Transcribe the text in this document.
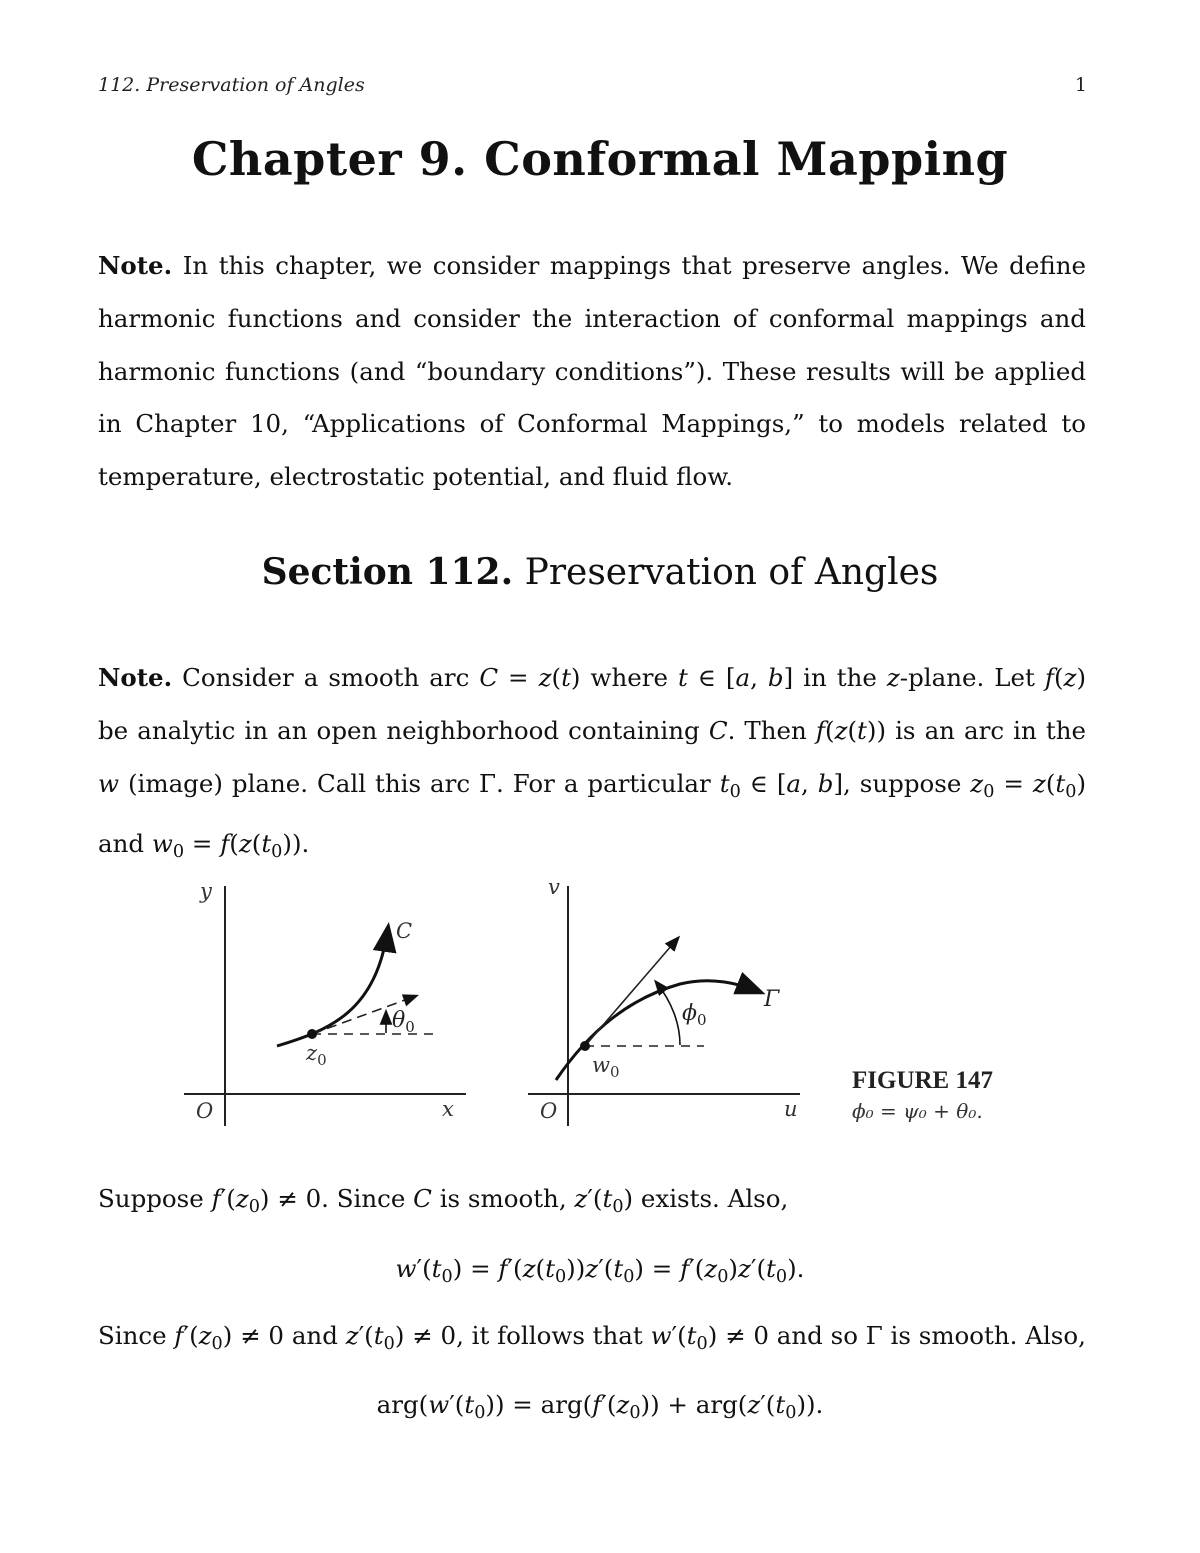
112. Preservation of Angles	1
Chapter 9. Conformal Mapping

Note. In this chapter, we consider mappings that preserve angles. We define harmonic functions and consider the interaction of conformal mappings and harmonic functions (and “boundary conditions”). These results will be applied in Chapter 10, “Applications of Conformal Mappings,” to models related to temperature, electrostatic potential, and fluid flow.

Section 112. Preservation of Angles

Note. Consider a smooth arc C = z(t) where t ∈ [a, b] in the z-plane. Let f(z) be analytic in an open neighborhood containing C. Then f(z(t)) is an arc in the w (image) plane. Call this arc Γ. For a particular $t_0$ ∈ [a, b], suppose $z_0 = z(t_0)$ and $w_0 = f(z(t_0))$.

y
x
O
C
$\theta_0$
$z_0$
v
u
O
Γ
$\phi_0$
$w_0$	FIGURE 147
ϕ₀ = ψ₀ + θ₀.

Suppose $f'(z_0) \ne 0$. Since C is smooth, $z'(t_0)$ exists. Also,

$w'(t_0) = f'(z(t_0))z'(t_0) = f'(z_0)z'(t_0)$.

Since $f'(z_0) \ne 0$ and $z'(t_0) \ne 0$, it follows that $w'(t_0) \ne 0$ and so Γ is smooth. Also,

$arg(w'(t_0)) = arg(f'(z_0)) + arg(z'(t_0))$.
